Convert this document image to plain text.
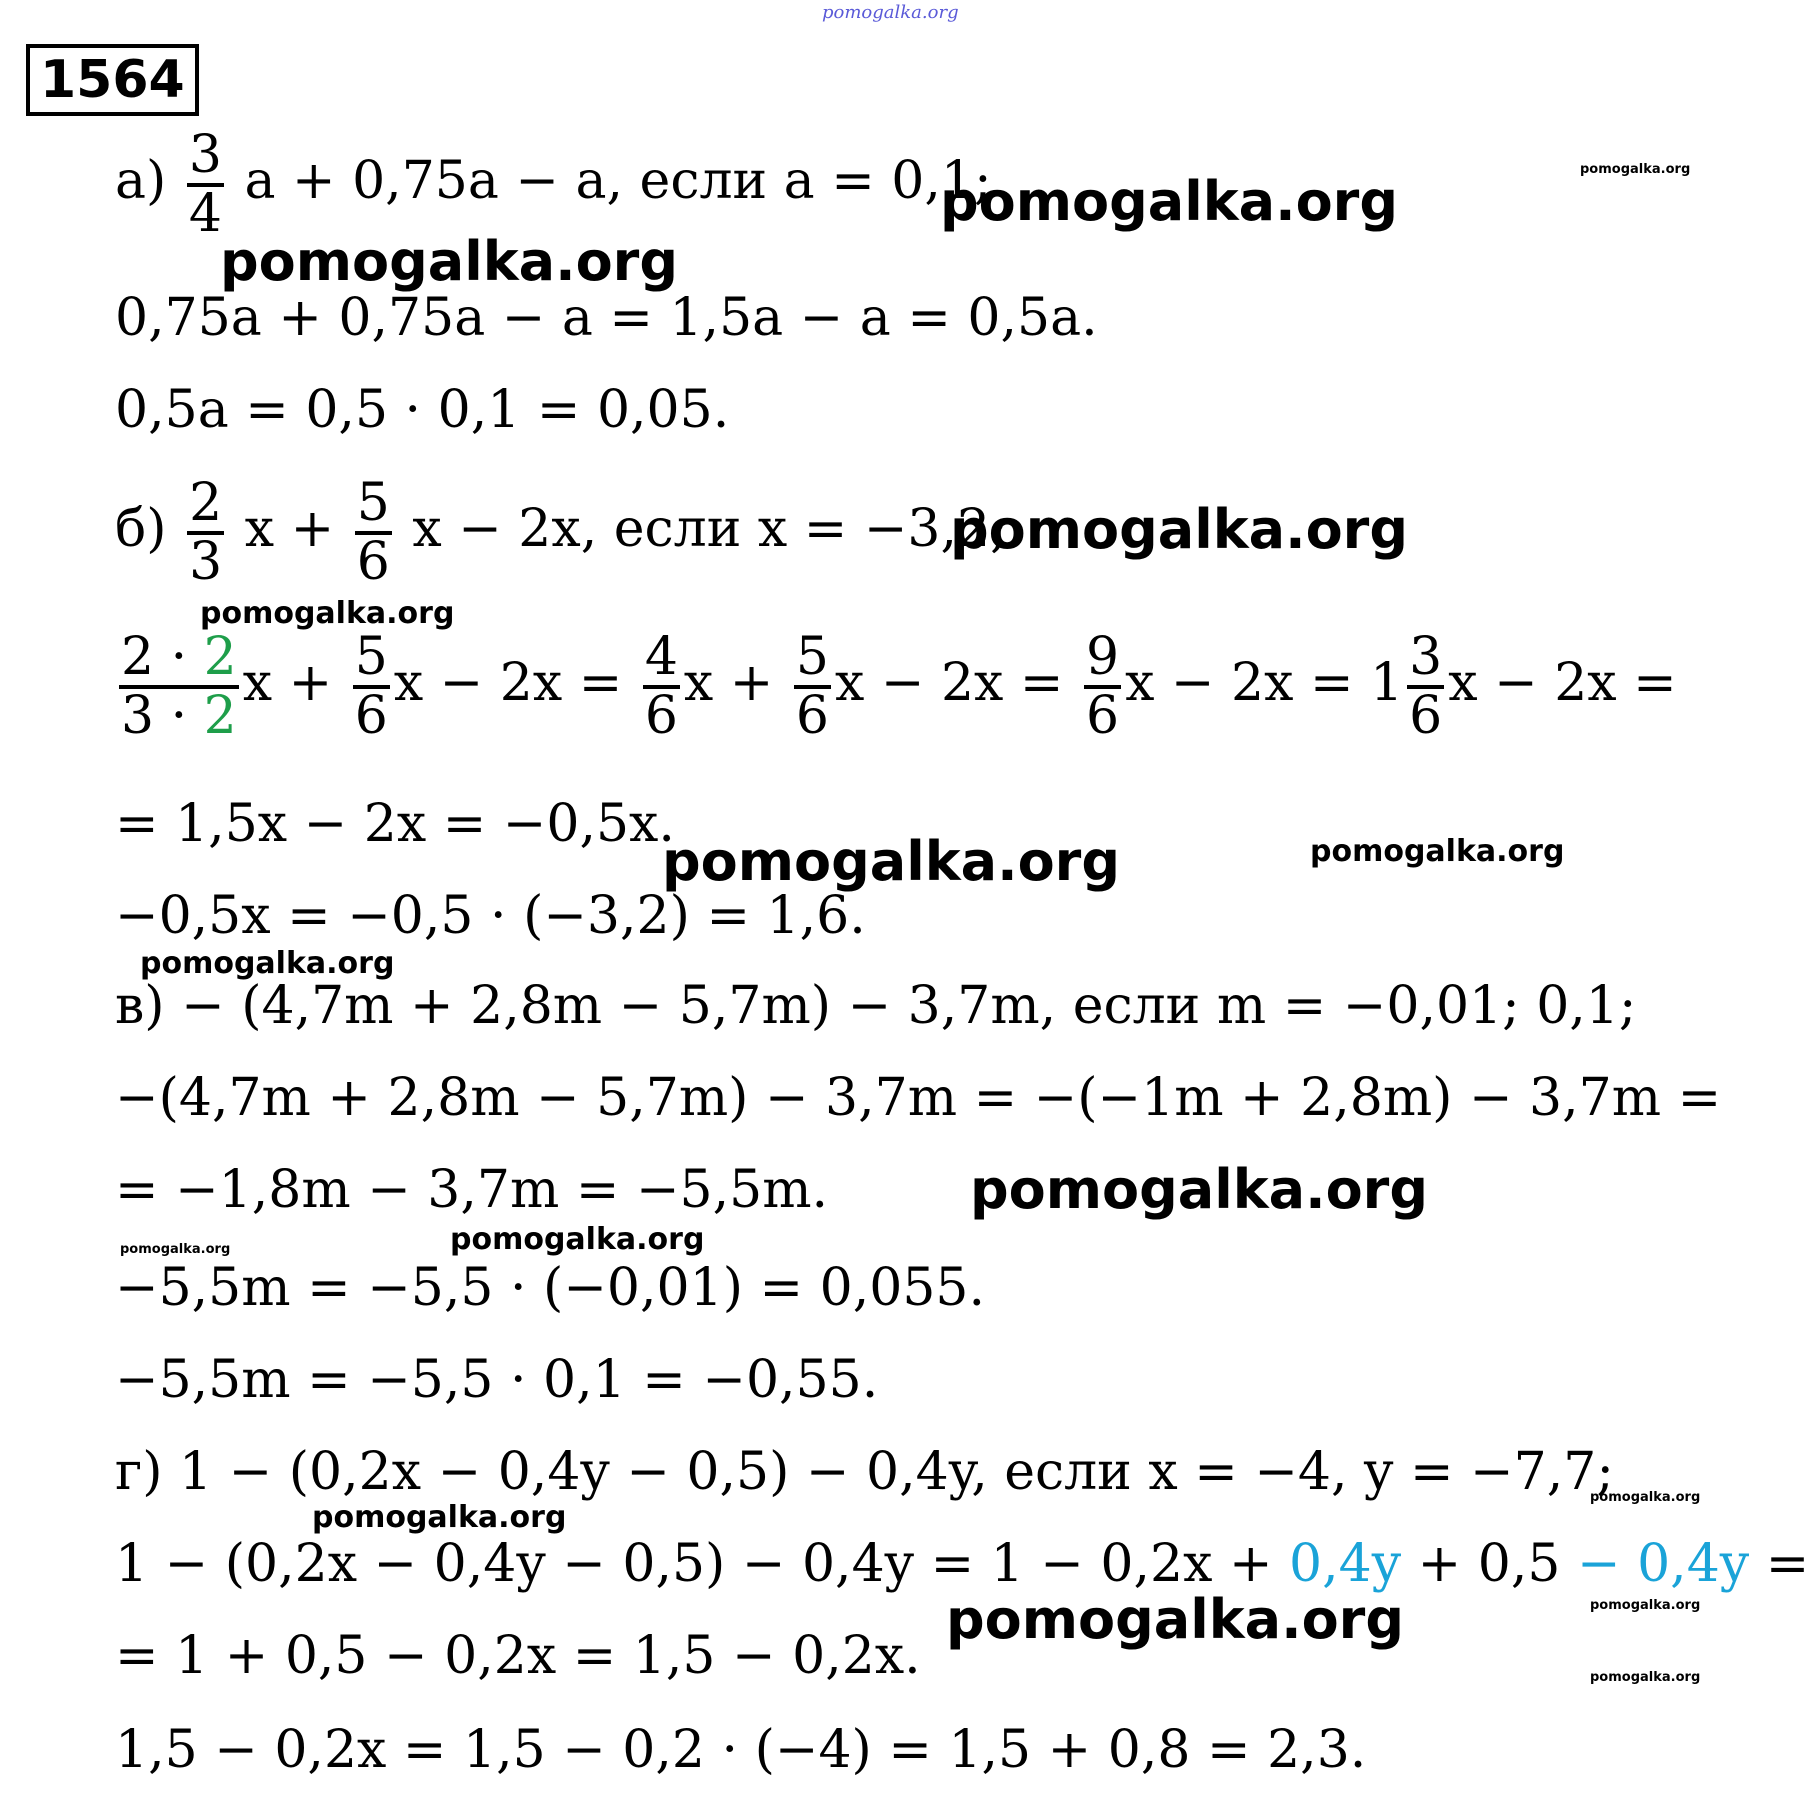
pomogalka.org
1564
$а) \frac{3}{4}$ a + 0,75a − a, если a = 0,1;
0,75a + 0,75a − a = 1,5a − a = 0,5a.
0,5a = 0,5 · 0,1 = 0,05.
$б) \frac{2}{3}$ $x + \frac{5}{6}$ x − 2x, если x = −3,2;
$\frac{2 \cdot 2}{3 \cdot 2}$ $x + \frac{5}{6}$ $x - 2x = \frac{4}{6}$ $x + \frac{5}{6}$ $x - 2x = \frac{9}{6}$ $x - 2x = 1 \frac{3}{6}$ x − 2x =
= 1,5x − 2x = −0,5x.
−0,5x = −0,5 · (−3,2) = 1,6.
в) − (4,7m + 2,8m − 5,7m) − 3,7m, если m = −0,01; 0,1;
−(4,7m + 2,8m − 5,7m) − 3,7m = −(−1m + 2,8m) − 3,7m =
= −1,8m − 3,7m = −5,5m.
−5,5m = −5,5 · (−0,01) = 0,055.
−5,5m = −5,5 · 0,1 = −0,55.
г) 1 − (0,2x − 0,4y − 0,5) − 0,4y, если x = −4, y = −7,7;
1 − (0,2x − 0,4y − 0,5) − 0,4y = 1 − 0,2x + 0,4y + 0,5 − 0,4y =
= 1 + 0,5 − 0,2x = 1,5 − 0,2x.
1,5 − 0,2x = 1,5 − 0,2 · (−4) = 1,5 + 0,8 = 2,3.
pomogalka.org
pomogalka.org
pomogalka.org
pomogalka.org
pomogalka.org
pomogalka.org	pomogalka.org
pomogalka.org
pomogalka.org
pomogalka.org
pomogalka.org
pomogalka.org
pomogalka.org
pomogalka.org
pomogalka.org
pomogalka.org
